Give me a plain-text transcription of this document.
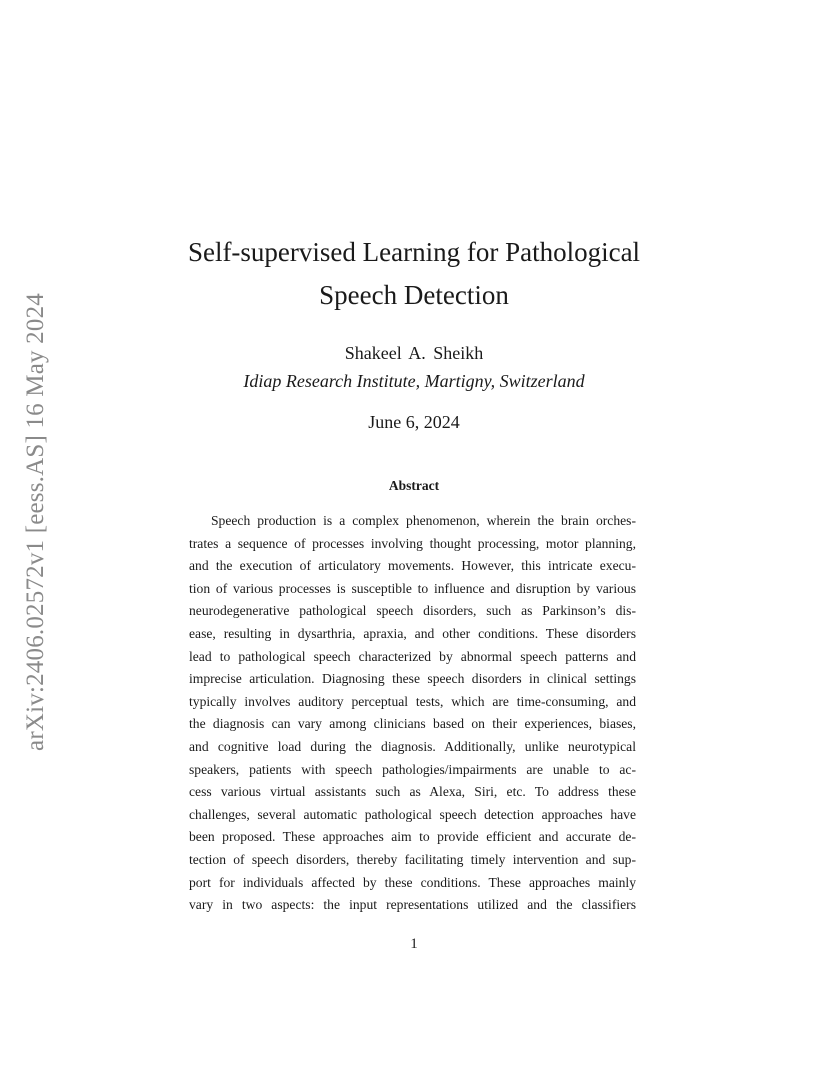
arXiv:2406.02572v1 [eess.AS] 16 May 2024
Self-supervised Learning for Pathological
Speech Detection
Shakeel A. Sheikh
Idiap Research Institute, Martigny, Switzerland
June 6, 2024
Abstract
Speech production is a complex phenomenon, wherein the brain orches-
trates a sequence of processes involving thought processing, motor planning,
and the execution of articulatory movements. However, this intricate execu-
tion of various processes is susceptible to influence and disruption by various
neurodegenerative pathological speech disorders, such as Parkinson’s dis-
ease, resulting in dysarthria, apraxia, and other conditions. These disorders
lead to pathological speech characterized by abnormal speech patterns and
imprecise articulation. Diagnosing these speech disorders in clinical settings
typically involves auditory perceptual tests, which are time-consuming, and
the diagnosis can vary among clinicians based on their experiences, biases,
and cognitive load during the diagnosis. Additionally, unlike neurotypical
speakers, patients with speech pathologies/impairments are unable to ac-
cess various virtual assistants such as Alexa, Siri, etc. To address these
challenges, several automatic pathological speech detection approaches have
been proposed. These approaches aim to provide efficient and accurate de-
tection of speech disorders, thereby facilitating timely intervention and sup-
port for individuals affected by these conditions. These approaches mainly
vary in two aspects: the input representations utilized and the classifiers
1
